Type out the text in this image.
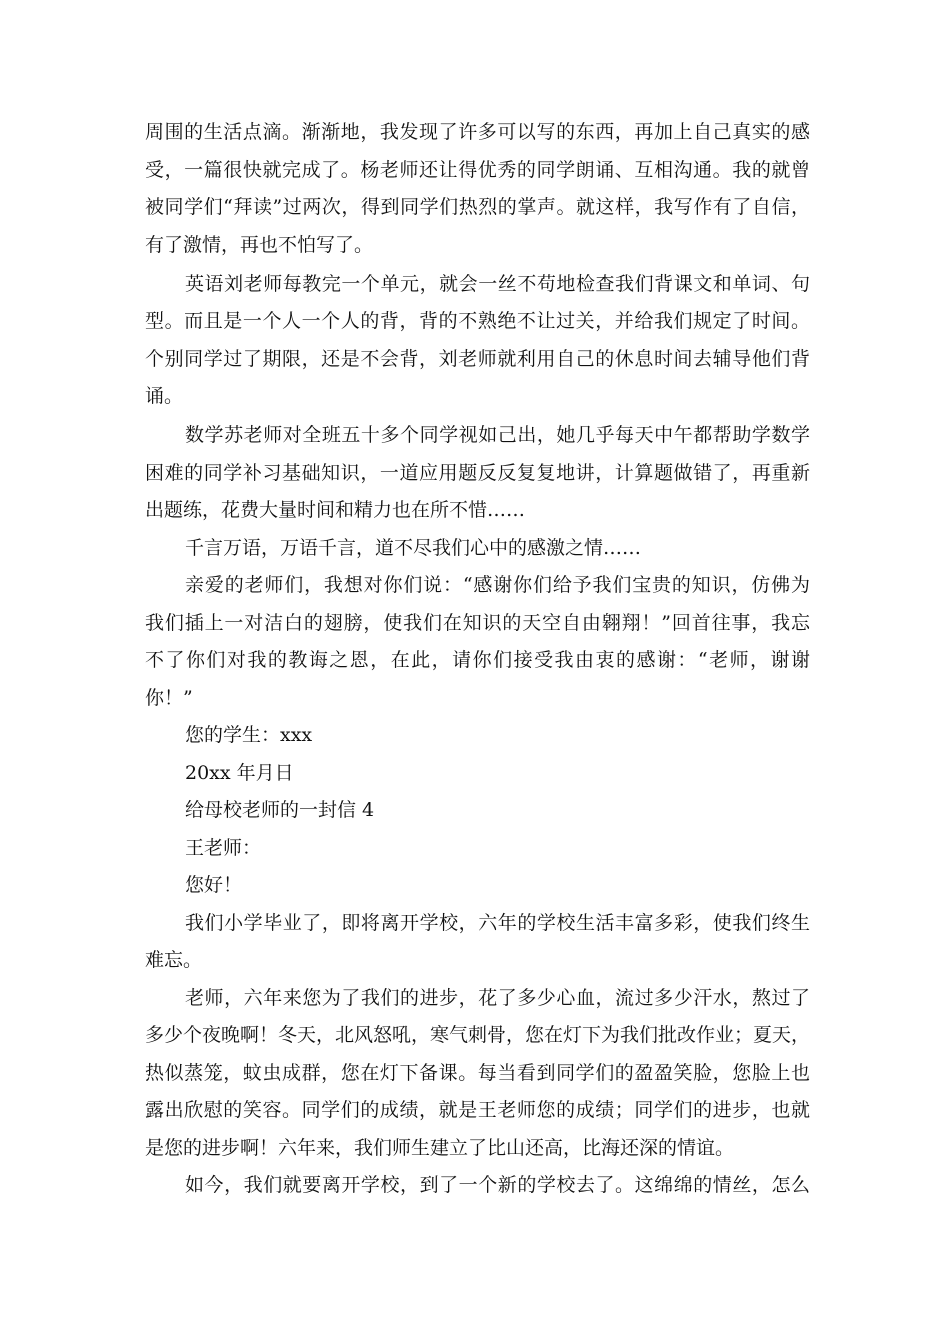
周围的生活点滴。渐渐地，我发现了许多可以写的东西，再加上自己真实的感
受，一篇很快就完成了。杨老师还让得优秀的同学朗诵、互相沟通。我的就曾
被同学们“拜读”过两次，得到同学们热烈的掌声。就这样，我写作有了自信，
有了激情，再也不怕写了。
英语刘老师每教完一个单元，就会一丝不苟地检查我们背课文和单词、句
型。而且是一个人一个人的背，背的不熟绝不让过关，并给我们规定了时间。
个别同学过了期限，还是不会背，刘老师就利用自己的休息时间去辅导他们背
诵。
数学苏老师对全班五十多个同学视如己出，她几乎每天中午都帮助学数学
困难的同学补习基础知识，一道应用题反反复复地讲，计算题做错了，再重新
出题练，花费大量时间和精力也在所不惜……
千言万语，万语千言，道不尽我们心中的感激之情……
亲爱的老师们，我想对你们说：“感谢你们给予我们宝贵的知识，仿佛为
我们插上一对洁白的翅膀，使我们在知识的天空自由翱翔！”回首往事，我忘
不了你们对我的教诲之恩，在此，请你们接受我由衷的感谢：“老师，谢谢
你！”
您的学生：xxx
20xx 年月日
给母校老师的一封信 4
王老师：
您好！
我们小学毕业了，即将离开学校，六年的学校生活丰富多彩，使我们终生
难忘。
老师，六年来您为了我们的进步，花了多少心血，流过多少汗水，熬过了
多少个夜晚啊！冬天，北风怒吼，寒气刺骨，您在灯下为我们批改作业；夏天，
热似蒸笼，蚊虫成群，您在灯下备课。每当看到同学们的盈盈笑脸，您脸上也
露出欣慰的笑容。同学们的成绩，就是王老师您的成绩；同学们的进步，也就
是您的进步啊！六年来，我们师生建立了比山还高，比海还深的情谊。
如今，我们就要离开学校，到了一个新的学校去了。这绵绵的情丝，怎么
